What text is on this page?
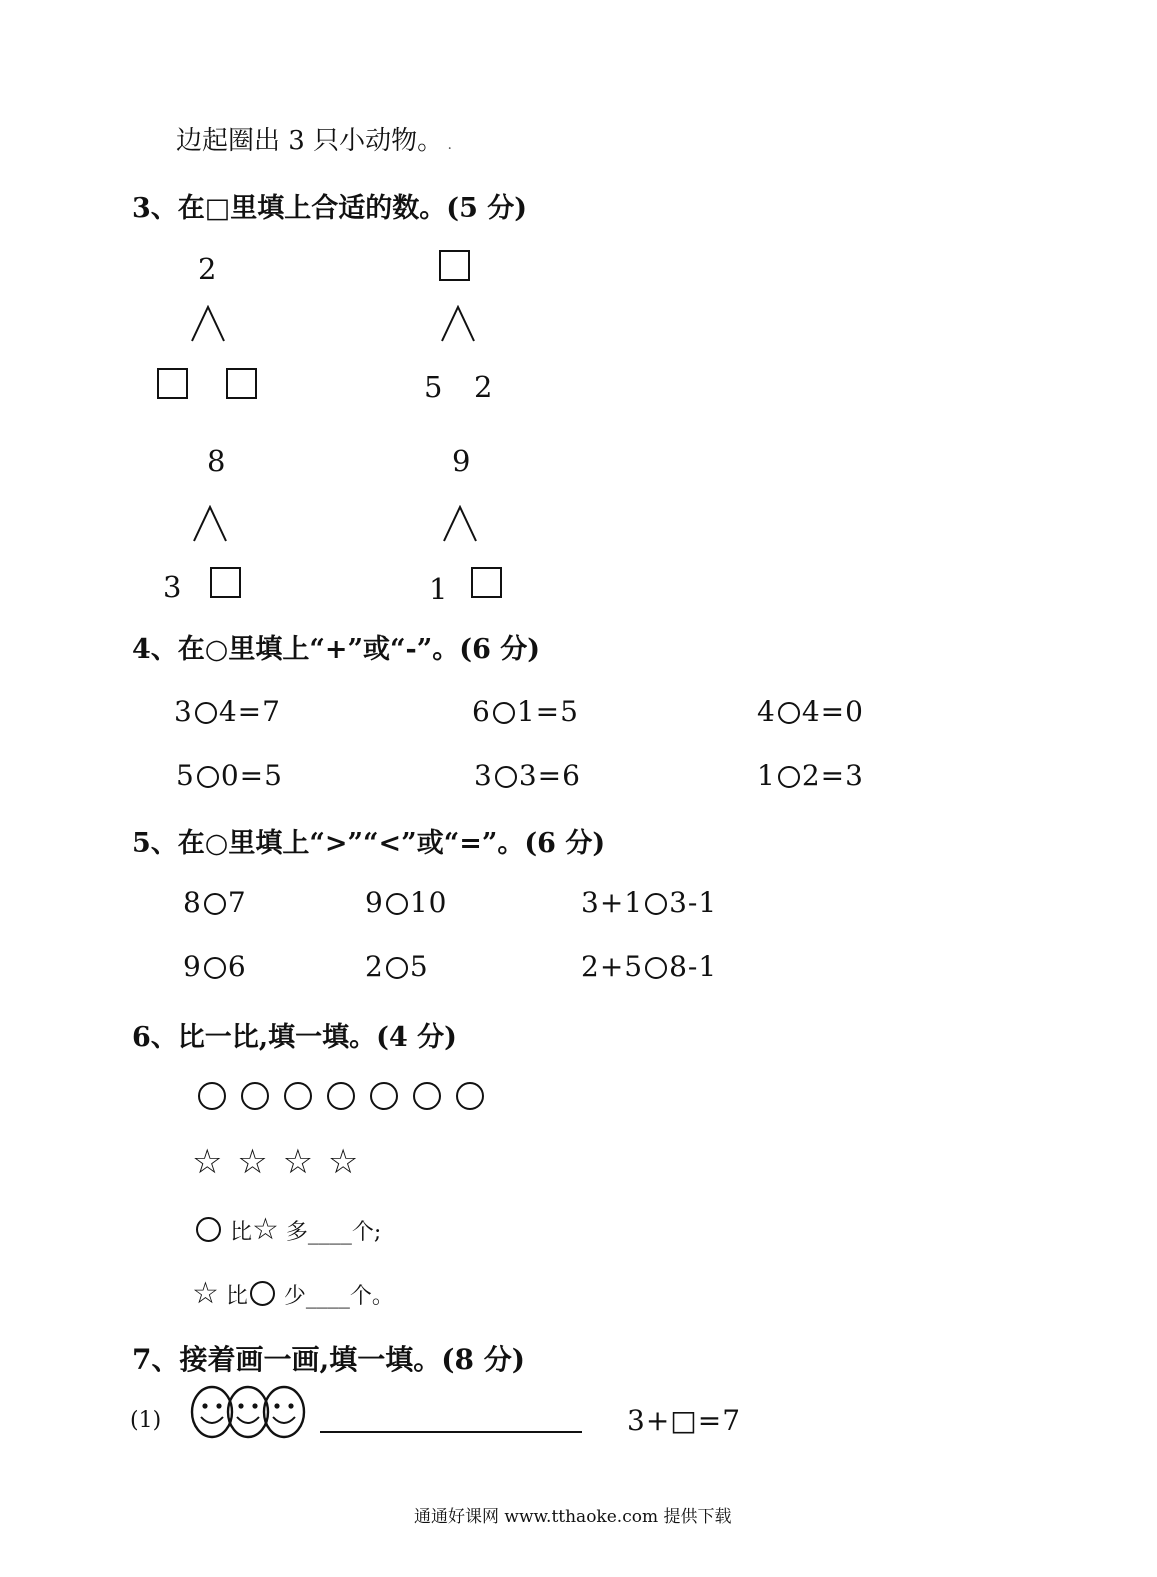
边起圈出 3 只小动物。 .
3、在□里填上合适的数。(5 分)
2
5 2
8
3
9
1
4、在○里填上“+”或“-”。(6 分)
3 4=7	6 1=5	4 4=0
5 0=5	3 3=6	1 2=3
5、在○里填上“>”“<”或“=”。(6 分)
8 7	9 10	3+1 3-1
9 6	2 5	2+5 8-1
6、比一比,填一填。(4 分)
☆ ☆ ☆ ☆
比☆ 多____个;
☆ 比 少____个。
7、接着画一画,填一填。(8 分)
(1)	3+□=7
通通好课网 www.tthaoke.com 提供下载
